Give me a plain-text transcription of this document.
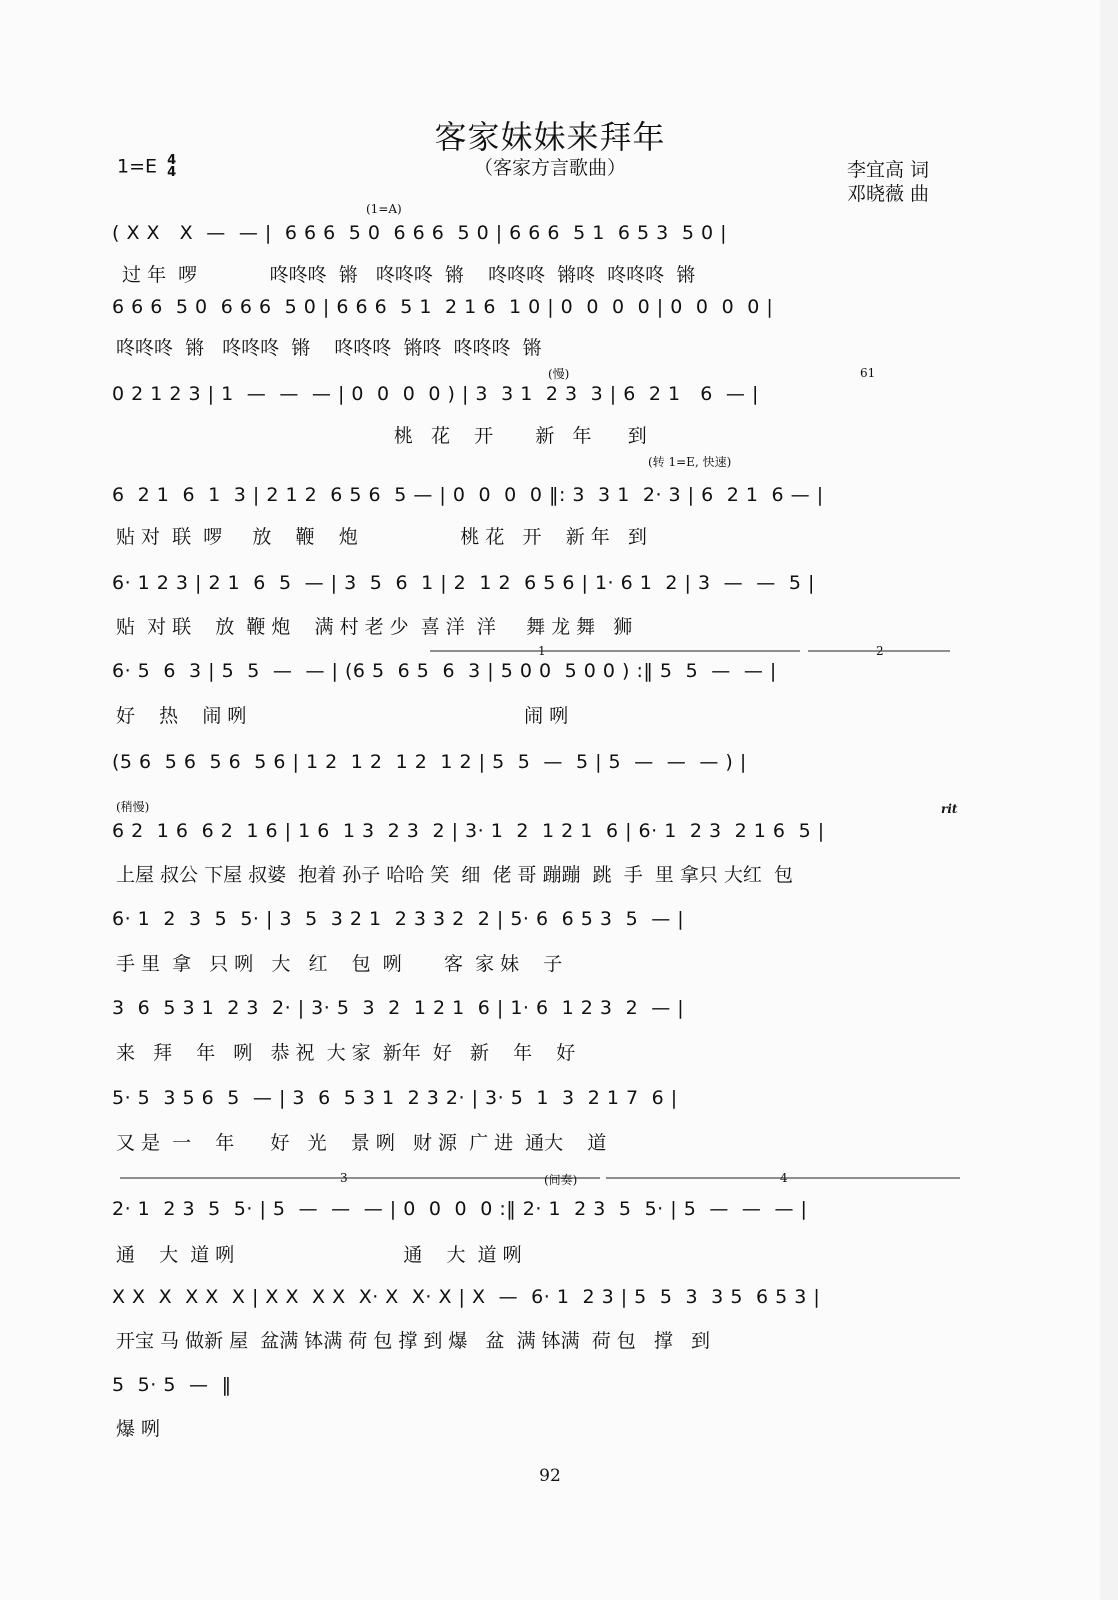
客家妹妹来拜年
（客家方言歌曲）
1=E 4
4	李宜高 词
邓晓薇 曲
(1=A)
(慢)	61
(转 1=E, 快速)
1	2
(稍慢)	rit
3	(间奏)	4
( X X   X  —  — |  6 6 6  5 0  6 6 6  5 0 | 6 6 6  5 1  6 5 3  5 0 |
过 年  啰            咚咚咚  锵   咚咚咚  锵    咚咚咚  锵咚  咚咚咚  锵
6 6 6  5 0  6 6 6  5 0 | 6 6 6  5 1  2 1 6  1 0 | 0  0  0  0 | 0  0  0  0 |
咚咚咚  锵   咚咚咚  锵    咚咚咚  锵咚  咚咚咚  锵
0 2 1 2 3 | 1  —  —  — | 0  0  0  0 ) | 3  3 1  2 3  3 | 6  2 1   6  — |
桃   花    开       新   年      到
6  2 1  6  1  3 | 2 1 2  6 5 6  5 — | 0  0  0  0 ‖: 3  3 1  2· 3 | 6  2 1  6 — |
贴 对  联  啰     放    鞭    炮                 桃 花   开    新 年   到
6· 1 2 3 | 2 1  6  5  — | 3  5  6  1 | 2  1 2  6 5 6 | 1· 6 1  2 | 3  —  —  5 |
贴  对 联    放  鞭 炮    满 村 老 少  喜 洋  洋     舞 龙 舞   狮
6· 5  6  3 | 5  5  —  — | (6 5  6 5  6  3 | 5 0 0  5 0 0 ) :‖ 5  5  —  — |
好    热    闹 咧                                              闹 咧
(5 6  5 6  5 6  5 6 | 1 2  1 2  1 2  1 2 | 5  5  —  5 | 5  —  —  — ) |
6 2  1 6  6 2  1 6 | 1 6  1 3  2 3  2 | 3· 1  2  1 2 1  6 | 6· 1  2 3  2 1 6  5 |
上屋 叔公 下屋 叔婆  抱着 孙子 哈哈 笑  细  佬 哥 蹦蹦  跳  手  里 拿只 大红  包
6· 1  2  3  5  5· | 3  5  3 2 1  2 3 3 2  2 | 5· 6  6 5 3  5  — |
手 里  拿   只 咧   大   红    包  咧       客  家 妹    子
3  6  5 3 1  2 3  2· | 3· 5  3  2  1 2 1  6 | 1· 6  1 2 3  2  — |
来   拜    年   咧   恭 祝  大 家  新年  好   新    年    好
5· 5  3 5 6  5  — | 3  6  5 3 1  2 3 2· | 3· 5  1  3  2 1 7  6 |
又 是  一    年      好   光    景 咧   财 源  广 进  通大    道
2· 1  2 3  5  5· | 5  —  —  — | 0  0  0  0 :‖ 2· 1  2 3  5  5· | 5  —  —  — |
通    大  道 咧                            通    大  道 咧
X X  X  X X  X | X X  X X  X· X  X· X | X  —  6· 1  2 3 | 5  5  3  3 5  6 5 3 |
开宝 马 做新 屋  盆满 钵满 荷 包 撑 到 爆   盆  满 钵满  荷 包   撑   到
5  5· 5  —  ‖
爆 咧
92
